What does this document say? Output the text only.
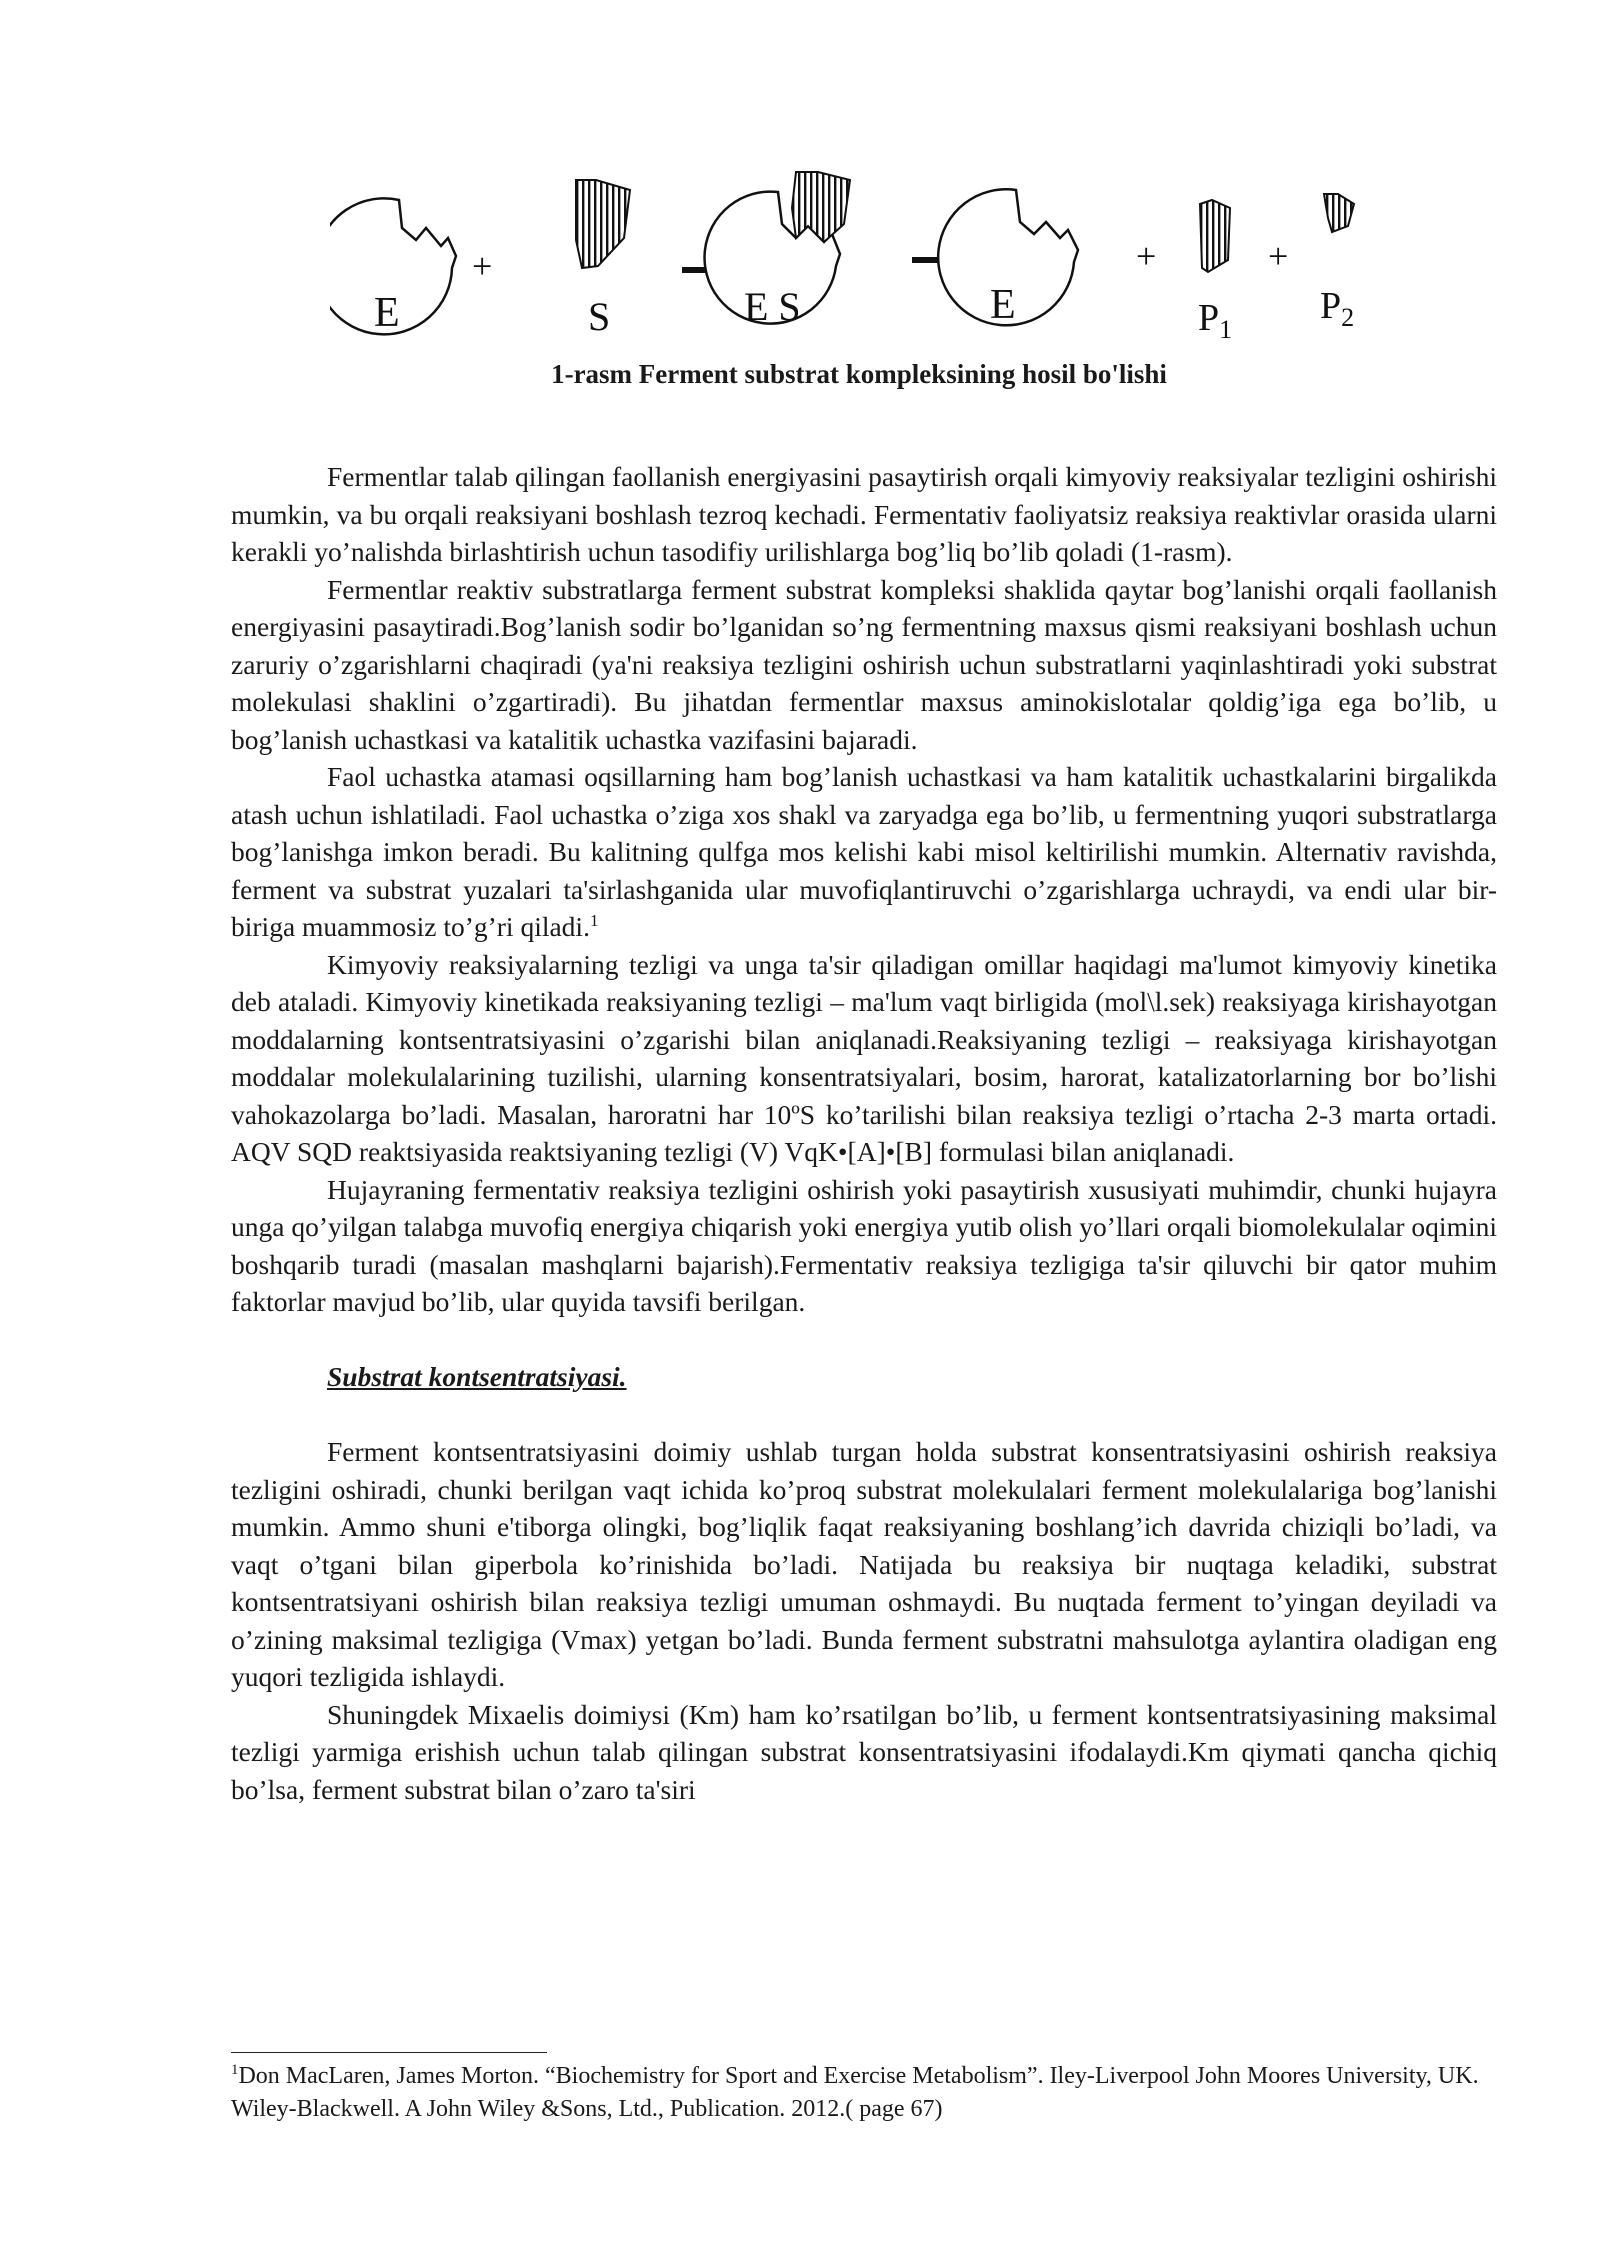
E
+
S	E S	E
+
$P_1$
+
$P_2$
1-rasm Ferment substrat kompleksining hosil bo'lishi

Fermentlar talab qilingan faollanish energiyasini pasaytirish orqali kimyoviy reaksiyalar tezligini oshirishi mumkin, va bu orqali reaksiyani boshlash tezroq kechadi. Fermentativ faoliyatsiz reaksiya reaktivlar orasida ularni kerakli yo’nalishda birlashtirish uchun tasodifiy urilishlarga bog’liq bo’lib qoladi (1-rasm).

Fermentlar reaktiv substratlarga ferment substrat kompleksi shaklida qaytar bog’lanishi orqali faollanish energiyasini pasaytiradi.Bog’lanish sodir bo’lganidan so’ng fermentning maxsus qismi reaksiyani boshlash uchun zaruriy o’zgarishlarni chaqiradi (ya'ni reaksiya tezligini oshirish uchun substratlarni yaqinlashtiradi yoki substrat molekulasi shaklini o’zgartiradi). Bu jihatdan fermentlar maxsus aminokislotalar qoldig’iga ega bo’lib, u bog’lanish uchastkasi va katalitik uchastka vazifasini bajaradi.

Faol uchastka atamasi oqsillarning ham bog’lanish uchastkasi va ham katalitik uchastkalarini birgalikda atash uchun ishlatiladi. Faol uchastka o’ziga xos shakl va zaryadga ega bo’lib, u fermentning yuqori substratlarga bog’lanishga imkon beradi. Bu kalitning qulfga mos kelishi kabi misol keltirilishi mumkin. Alternativ ravishda, ferment va substrat yuzalari ta'sirlashganida ular muvofiqlantiruvchi o’zgarishlarga uchraydi, va endi ular bir-biriga muammosiz to’g’ri qiladi.$^1$

Kimyoviy reaksiyalarning tezligi va unga ta'sir qiladigan omillar haqidagi ma'lumot kimyoviy kinetika deb ataladi. Kimyoviy kinetikada reaksiyaning tezligi – ma'lum vaqt birligida (mol\l.sek) reaksiyaga kirishayotgan moddalarning kontsentratsiyasini o’zgarishi bilan aniqlanadi.Reaksiyaning tezligi – reaksiyaga kirishayotgan moddalar molekulalarining tuzilishi, ularning konsentratsiyalari, bosim, harorat, katalizatorlarning bor bo’lishi vahokazolarga bo’ladi. Masalan, haroratni har 10ºS ko’tarilishi bilan reaksiya tezligi o’rtacha 2-3 marta ortadi. AQV SQD reaktsiyasida reaktsiyaning tezligi (V) VqK•[A]•[B] formulasi bilan aniqlanadi.

Hujayraning fermentativ reaksiya tezligini oshirish yoki pasaytirish xususiyati muhimdir, chunki hujayra unga qo’yilgan talabga muvofiq energiya chiqarish yoki energiya yutib olish yo’llari orqali biomolekulalar oqimini boshqarib turadi (masalan mashqlarni bajarish).Fermentativ reaksiya tezligiga ta'sir qiluvchi bir qator muhim faktorlar mavjud bo’lib, ular quyida tavsifi berilgan.

Substrat kontsentratsiyasi.

Ferment kontsentratsiyasini doimiy ushlab turgan holda substrat konsentratsiyasini oshirish reaksiya tezligini oshiradi, chunki berilgan vaqt ichida ko’proq substrat molekulalari ferment molekulalariga bog’lanishi mumkin. Ammo shuni e'tiborga olingki, bog’liqlik faqat reaksiyaning boshlang’ich davrida chiziqli bo’ladi, va vaqt o’tgani bilan giperbola ko’rinishida bo’ladi. Natijada bu reaksiya bir nuqtaga keladiki, substrat kontsentratsiyani oshirish bilan reaksiya tezligi umuman oshmaydi. Bu nuqtada ferment to’yingan deyiladi va o’zining maksimal tezligiga (Vmax) yetgan bo’ladi. Bunda ferment substratni mahsulotga aylantira oladigan eng yuqori tezligida ishlaydi.

Shuningdek Mixaelis doimiysi (Km) ham ko’rsatilgan bo’lib, u ferment kontsentratsiyasining maksimal tezligi yarmiga erishish uchun talab qilingan substrat konsentratsiyasini ifodalaydi.Km qiymati qancha qichiq bo’lsa, ferment substrat bilan o’zaro ta'siri

$^1$Don MacLaren, James Morton. “Biochemistry for Sport and Exercise Metabolism”. Iley-Liverpool John Moores University, UK. Wiley-Blackwell. A John Wiley &Sons, Ltd., Publication. 2012.( page 67)
